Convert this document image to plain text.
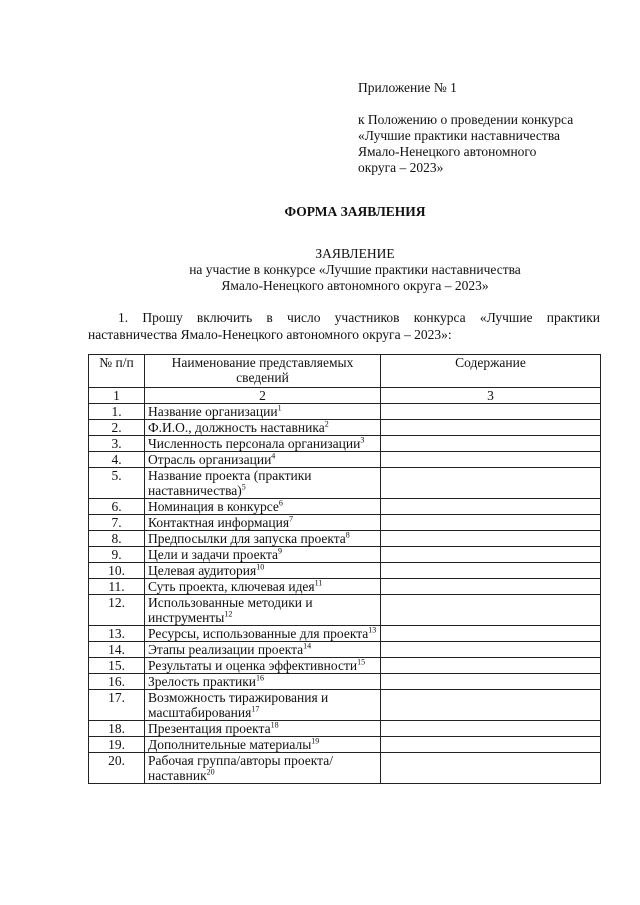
Приложение № 1
к Положению о проведении конкурса
«Лучшие практики наставничества
Ямало-Ненецкого автономного
округа – 2023»
ФОРМА ЗАЯВЛЕНИЯ
ЗАЯВЛЕНИЕ
на участие в конкурсе «Лучшие практики наставничества
Ямало-Ненецкого автономного округа – 2023»
1. Прошу включить в число участников конкурса «Лучшие практики
наставничества Ямало-Ненецкого автономного округа – 2023»:
№ п/п	Наименование представляемых сведений	Содержание
1	2	3
1.	Название организации$^1$	
2.	Ф.И.О., должность наставника$^2$	
3.	Численность персонала организации$^3$	
4.	Отрасль организации$^4$	
5.	Название проекта (практики наставничества)$^5$	
6.	Номинация в конкурсе$^6$	
7.	Контактная информация$^7$	
8.	Предпосылки для запуска проекта$^8$	
9.	Цели и задачи проекта$^9$	
10.	Целевая аудитория$^{10}$	
11.	Суть проекта, ключевая идея$^{11}$	
12.	Использованные методики и инструменты$^{12}$	
13.	Ресурсы, использованные для проекта$^{13}$	
14.	Этапы реализации проекта$^{14}$	
15.	Результаты и оценка эффективности$^{15}$	
16.	Зрелость практики$^{16}$	
17.	Возможность тиражирования и масштабирования$^{17}$	
18.	Презентация проекта$^{18}$	
19.	Дополнительные материалы$^{19}$	
20.	Рабочая группа/авторы проекта/наставник$^{20}$	
